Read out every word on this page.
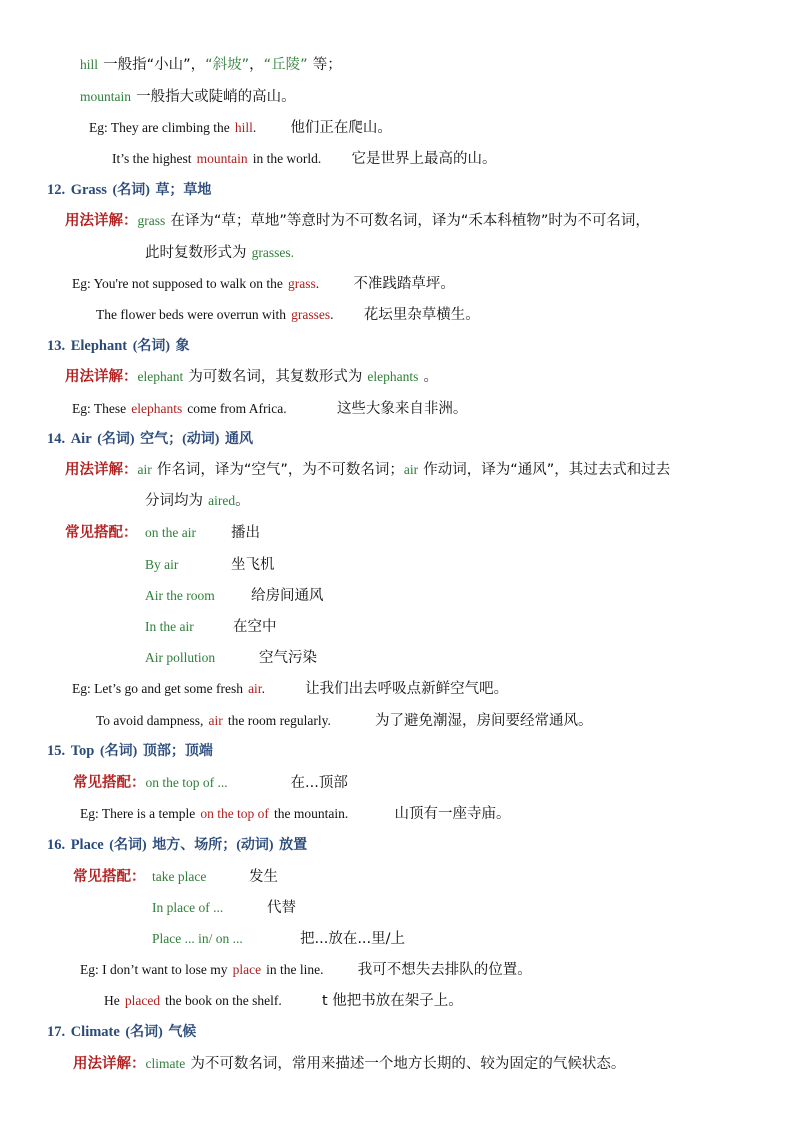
hill 一般指“小山”，“斜坡”，“丘陵” 等；
mountain 一般指大或陡峭的高山。
Eg: They are climbing the hill. 他们正在爬山。
It’s the highest mountain in the world. 它是世界上最高的山。
12. Grass (名词) 草；草地
用法详解：grass 在译为“草；草地”等意时为不可数名词，译为“禾本科植物”时为不可名词，
此时复数形式为 grasses.
Eg: You're not supposed to walk on the grass. 不准践踏草坪。
The flower beds were overrun with grasses. 花坛里杂草横生。
13. Elephant (名词) 象
用法详解：elephant 为可数名词，其复数形式为 elephants 。
Eg: These elephants come from Africa.	这些大象来自非洲。
14. Air (名词) 空气；(动词) 通风
用法详解：air 作名词，译为“空气”，为不可数名词；air 作动词，译为“通风”，其过去式和过去
分词均为 aired。
常见搭配： on the air 播出
By air	坐飞机
Air the room	给房间通风
In the air	在空中
Air pollution	空气污染
Eg: Let’s go and get some fresh air.	让我们出去呼吸点新鲜空气吧。
To avoid dampness, air the room regularly.	为了避免潮湿，房间要经常通风。
15. Top (名词) 顶部；顶端
常见搭配：on the top of ...	在...顶部
Eg: There is a temple on the top of the mountain.	山顶有一座寺庙。
16. Place (名词) 地方、场所；(动词) 放置
常见搭配： take place	发生
In place of ...	代替
Place ... in/ on ...	把...放在...里/上
Eg: I don’t want to lose my place in the line. 我可不想失去排队的位置。
He placed the book on the shelf.	t 他把书放在架子上。
17. Climate (名词) 气候
用法详解：climate 为不可数名词，常用来描述一个地方长期的、较为固定的气候状态。
